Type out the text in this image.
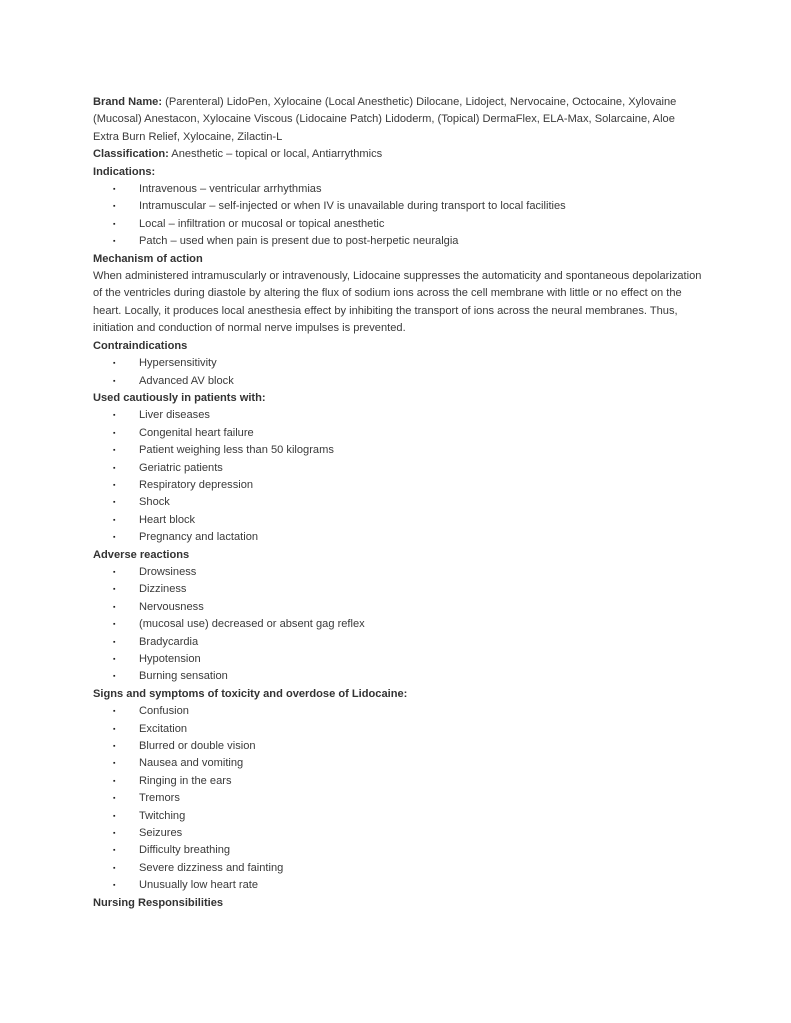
Brand Name: (Parenteral) LidoPen, Xylocaine (Local Anesthetic) Dilocane, Lidoject, Nervocaine, Octocaine, Xylovaine (Mucosal) Anestacon, Xylocaine Viscous (Lidocaine Patch) Lidoderm, (Topical) DermaFlex, ELA-Max, Solarcaine, Aloe Extra Burn Relief, Xylocaine, Zilactin-L

Classification: Anesthetic – topical or local, Antiarrythmics

Indications:
▪ Intravenous – ventricular arrhythmias
▪ Intramuscular – self-injected or when IV is unavailable during transport to local facilities
▪ Local – infiltration or mucosal or topical anesthetic
▪ Patch – used when pain is present due to post-herpetic neuralgia
Mechanism of action

When administered intramuscularly or intravenously, Lidocaine suppresses the automaticity and spontaneous depolarization of the ventricles during diastole by altering the flux of sodium ions across the cell membrane with little or no effect on the heart. Locally, it produces local anesthesia effect by inhibiting the transport of ions across the neural membranes. Thus, initiation and conduction of normal nerve impulses is prevented.

Contraindications
▪ Hypersensitivity
▪ Advanced AV block
Used cautiously in patients with:
▪ Liver diseases
▪ Congenital heart failure
▪ Patient weighing less than 50 kilograms
▪ Geriatric patients
▪ Respiratory depression
▪ Shock
▪ Heart block
▪ Pregnancy and lactation
Adverse reactions
▪ Drowsiness
▪ Dizziness
▪ Nervousness
▪ (mucosal use) decreased or absent gag reflex
▪ Bradycardia
▪ Hypotension
▪ Burning sensation
Signs and symptoms of toxicity and overdose of Lidocaine:
▪ Confusion
▪ Excitation
▪ Blurred or double vision
▪ Nausea and vomiting
▪ Ringing in the ears
▪ Tremors
▪ Twitching
▪ Seizures
▪ Difficulty breathing
▪ Severe dizziness and fainting
▪ Unusually low heart rate
Nursing Responsibilities
